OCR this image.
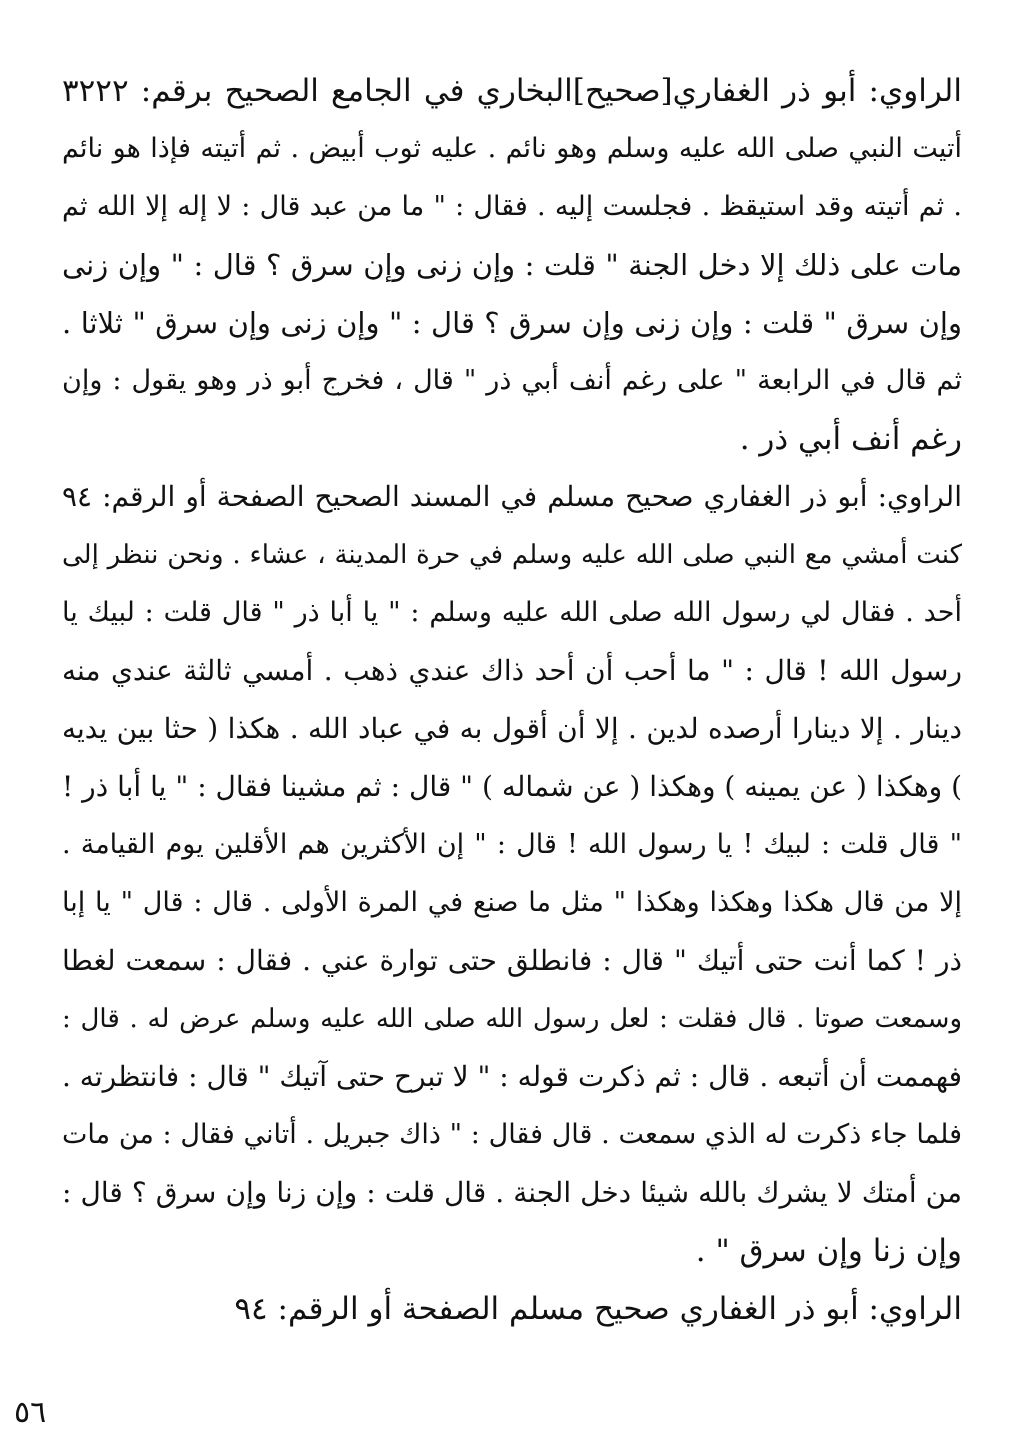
الراوي: أبو ذر الغفاري[صحيح]البخاري في الجامع الصحيح برقم: ٣٢٢٢
أتيت النبي صلى الله عليه وسلم وهو نائم . عليه ثوب أبيض . ثم أتيته فإذا هو نائم
. ثم أتيته وقد استيقظ . فجلست إليه . فقال : " ما من عبد قال : لا إله إلا الله ثم
مات على ذلك إلا دخل الجنة " قلت : وإن زنى وإن سرق ؟ قال : " وإن زنى
وإن سرق " قلت : وإن زنى وإن سرق ؟ قال : " وإن زنى وإن سرق " ثلاثا .
ثم قال في الرابعة " على رغم أنف أبي ذر " قال ، فخرج أبو ذر وهو يقول : وإن
رغم أنف أبي ذر .
الراوي: أبو ذر الغفاري صحيح مسلم في المسند الصحيح الصفحة أو الرقم: ٩٤
كنت أمشي مع النبي صلى الله عليه وسلم في حرة المدينة ، عشاء . ونحن ننظر إلى
أحد . فقال لي رسول الله صلى الله عليه وسلم : " يا أبا ذر " قال قلت : لبيك يا
رسول الله ! قال : " ما أحب أن أحد ذاك عندي ذهب . أمسي ثالثة عندي منه
دينار . إلا دينارا أرصده لدين . إلا أن أقول به في عباد الله . هكذا ( حثا بين يديه
) وهكذا ( عن يمينه ) وهكذا ( عن شماله ) " قال : ثم مشينا فقال : " يا أبا ذر !
" قال قلت : لبيك ! يا رسول الله ! قال : " إن الأكثرين هم الأقلين يوم القيامة .
إلا من قال هكذا وهكذا وهكذا " مثل ما صنع في المرة الأولى . قال : قال " يا إبا
ذر ! كما أنت حتى أتيك " قال : فانطلق حتى توارة عني . فقال : سمعت لغطا
وسمعت صوتا . قال فقلت : لعل رسول الله صلى الله عليه وسلم عرض له . قال :
فهممت أن أتبعه . قال : ثم ذكرت قوله : " لا تبرح حتى آتيك " قال : فانتظرته .
فلما جاء ذكرت له الذي سمعت . قال فقال : " ذاك جبريل . أتاني فقال : من مات
من أمتك لا يشرك بالله شيئا دخل الجنة . قال قلت : وإن زنا وإن سرق ؟ قال :
وإن زنا وإن سرق " .
الراوي: أبو ذر الغفاري صحيح مسلم الصفحة أو الرقم: ٩٤
٥٦
